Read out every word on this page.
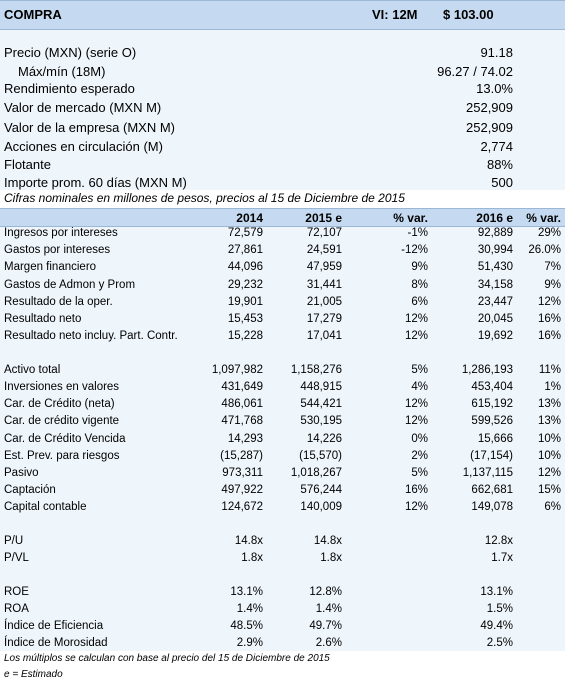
COMPRA	VI: 12M $ 103.00
Precio (MXN) (serie O)	91.18
Máx/mín (18M)	96.27 / 74.02
Rendimiento esperado	13.0%
Valor de mercado (MXN M)	252,909
Valor de la empresa (MXN M)	252,909
Acciones en circulación (M)	2,774
Flotante	88%
Importe prom. 60 días (MXN M)	500
Cifras nominales en millones de pesos, precios al 15 de Diciembre de 2015
2014	2015 e	% var.	2016 e % var.
Ingresos por intereses	72,579	72,107	-1%	92,889 29%
Gastos por intereses	27,861	24,591	-12%	30,994 26.0%
Margen financiero	44,096	47,959	9%	51,430	7%
Gastos de Admon y Prom	29,232	31,441	8%	34,158	9%
Resultado de la oper.	19,901	21,005	6%	23,447 12%
Resultado neto	15,453	17,279	12%	20,045 16%
Resultado neto incluy. Part. Contr.	15,228	17,041	12%	19,692 16%
Activo total	1,097,982 1,158,276	5%	1,286,193 11%
Inversiones en valores	431,649	448,915	4%	453,404	1%
Car. de Crédito (neta)	486,061	544,421	12%	615,192 13%
Car. de crédito vigente	471,768	530,195	12%	599,526 13%
Car. de Crédito Vencida	14,293	14,226	0%	15,666 10%
Est. Prev. para riesgos	(15,287)	(15,570)	2%	(17,154) 10%
Pasivo	973,311 1,018,267	5%	1,137,115 12%
Captación	497,922	576,244	16%	662,681 15%
Capital contable	124,672	140,009	12%	149,078	6%
P/U	14.8x	14.8x	12.8x
P/VL	1.8x	1.8x	1.7x
ROE	13.1%	12.8%	13.1%
ROA	1.4%	1.4%	1.5%
Índice de Eficiencia	48.5%	49.7%	49.4%
Índice de Morosidad	2.9%	2.6%	2.5%
Los múltiplos se calculan con base al precio del 15 de Diciembre de 2015
e = Estimado
